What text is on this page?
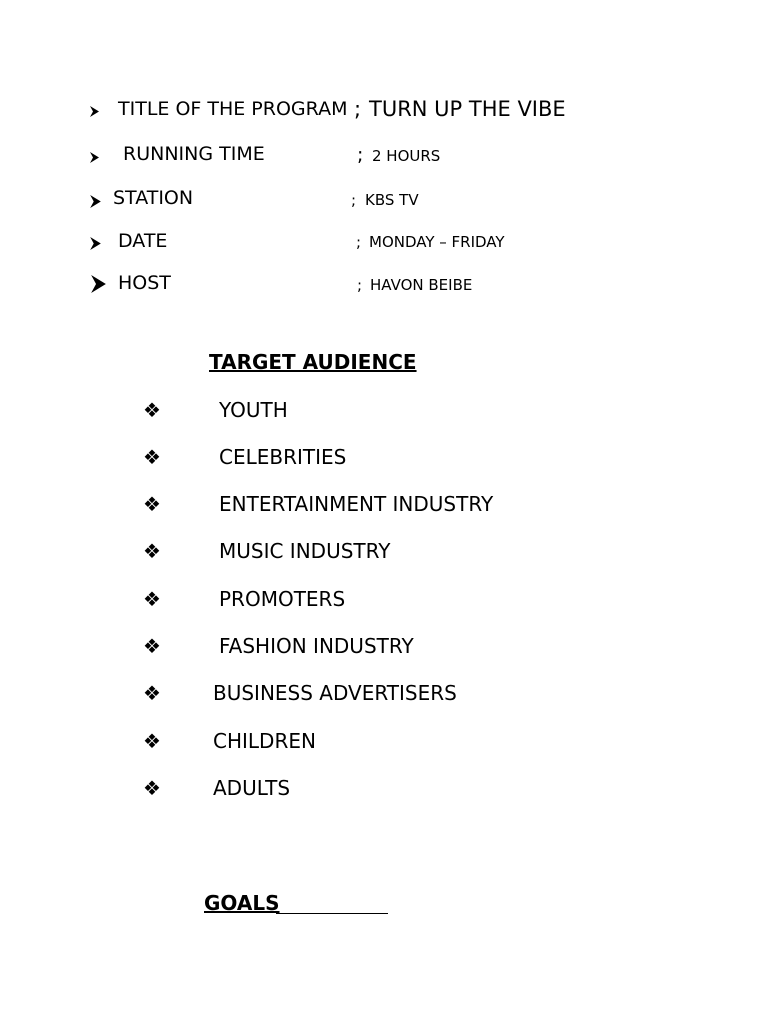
TITLE OF THE PROGRAM ; TURN UP THE VIBE
RUNNING TIME	; 2 HOURS
STATION	; KBS TV
DATE	; MONDAY – FRIDAY
HOST	; HAVON BEIBE
TARGET AUDIENCE
❖	YOUTH
❖	CELEBRITIES
❖	ENTERTAINMENT INDUSTRY
❖	MUSIC INDUSTRY
❖	PROMOTERS
❖	FASHION INDUSTRY
❖	BUSINESS ADVERTISERS
❖	CHILDREN
❖	ADULTS
GOALS
